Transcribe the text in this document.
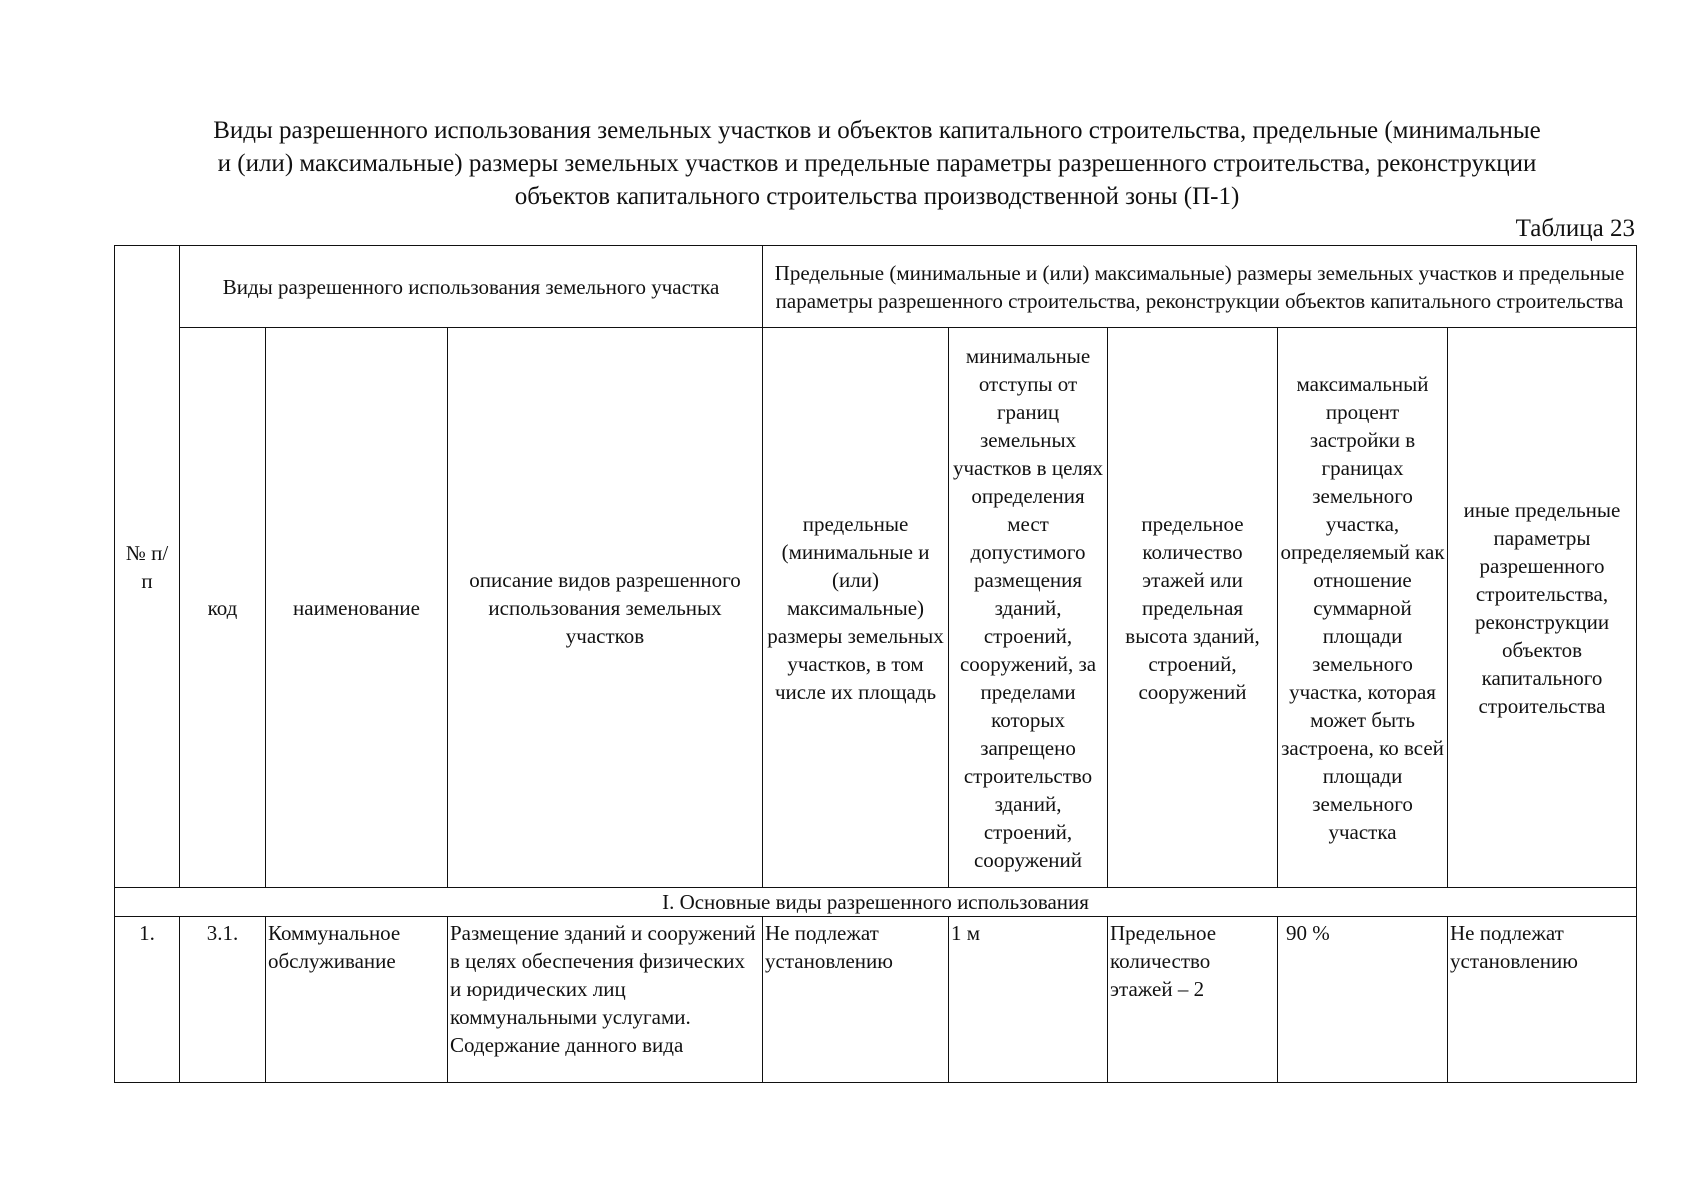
Виды разрешенного использования земельных участков и объектов капитального строительства, предельные (минимальные
и (или) максимальные) размеры земельных участков и предельные параметры разрешенного строительства, реконструкции
объектов капитального строительства производственной зоны (П-1)
Таблица 23
№ п/п	Виды разрешенного использования земельного участка			Предельные (минимальные и (или) максимальные) размеры земельных участков и предельные параметры разрешенного строительства, реконструкции объектов капитального строительства				
	код	наименование	описание видов разрешенного использования земельных участков	предельные (минимальные и (или) максимальные) размеры земельных участков, в том числе их площадь	минимальные отступы от границ земельных участков в целях определения мест допустимого размещения зданий, строений, сооружений, за пределами которых запрещено строительство зданий, строений, сооружений	предельное количество этажей или предельная высота зданий, строений, сооружений	максимальный процент застройки в границах земельного участка, определяемый как отношение суммарной площади земельного участка, которая может быть застроена, ко всей площади земельного участка	иные предельные параметры разрешенного строительства, реконструкции объектов капитального строительства
I. Основные виды разрешенного использования								
1.	3.1.	Коммунальное обслуживание	Размещение зданий и сооружений в целях обеспечения физических и юридических лиц коммунальными услугами. Содержание данного вида	Не подлежат установлению	1 м	Предельное количество этажей – 2	90 %	Не подлежат установлению
